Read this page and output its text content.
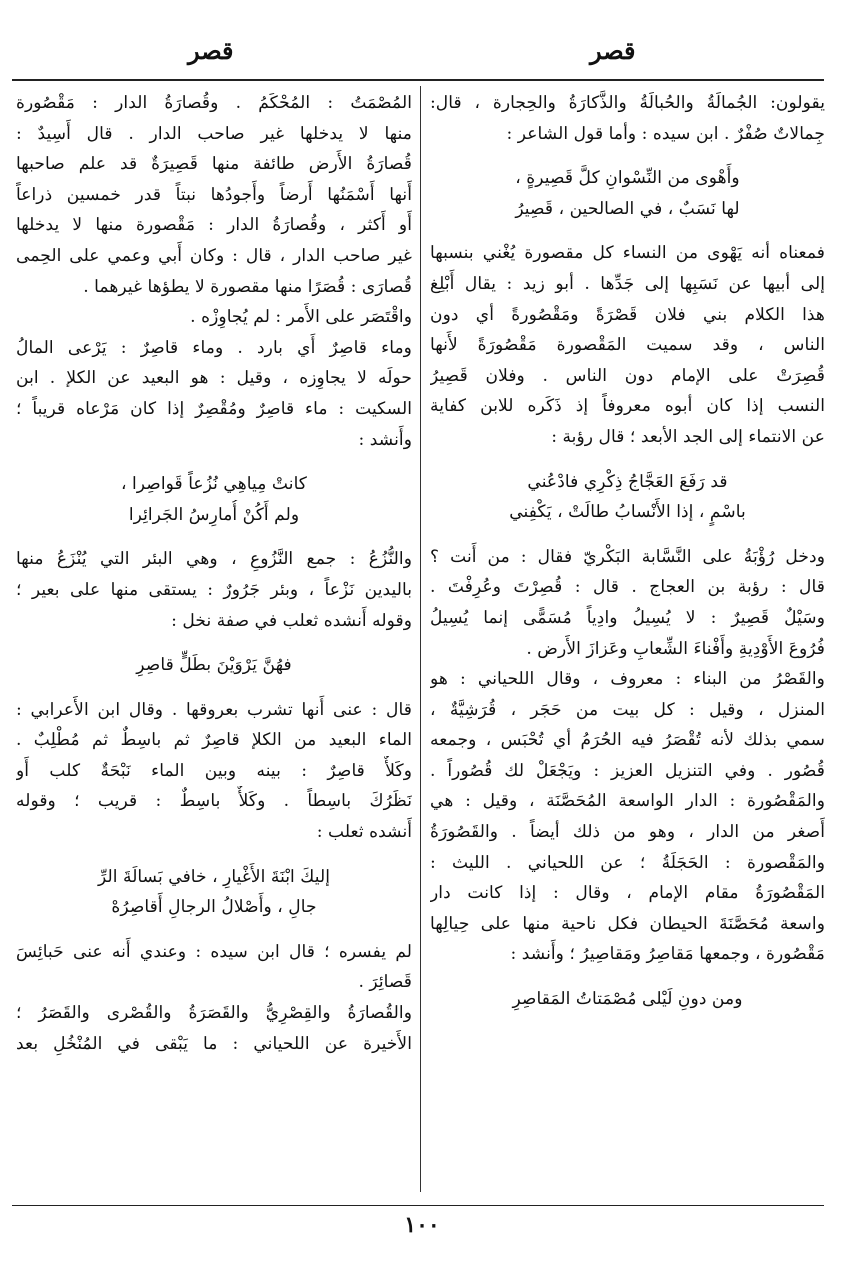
قصر
قصر
يقولون: الجُمالَةُ والحُبالَةُ والذَّكارَةُ والحِجارة ، قال:
جِمالاتٌ صُفْرٌ . ابن سيده : وأما قول الشاعر :
وأَهْوى من النِّسْوانِ كلَّ قَصِيرةٍ ،
لها نَسَبٌ ، في الصالحين ، قَصِيرُ
فمعناه أنه يَهْوى من النساء كل مقصورة يُغْني بنسبها
إلى أبيها عن نَسَبِها إلى جَدِّها . أبو زيد : يقال أَبْلِغ
هذا الكلام بني فلان قَصْرَةً ومَقْصُورةً أي دون
الناس ، وقد سميت المَقْصورة مَقْصُورَةً لأَنها
قُصِرَتْ على الإمام دون الناس . وفلان قَصِيرُ
النسب إذا كان أبوه معروفاً إذ ذَكَره للابن كفاية
عن الانتماء إلى الجد الأبعد ؛ قال رؤبة :
قد رَفَعَ العَجَّاجُ ذِكْرِي فادْعُني
باسْمٍ ، إذا الأَنْسابُ طالَتْ ، يَكْفِني
ودخل رُؤْبَةُ على النَّسَّابة البَكْريّ فقال : من أَنت ؟
قال : رؤبة بن العجاج . قال : قُصِرْتَ وعُرِفْتَ .
وسَيْلٌ قَصِيرٌ : لا يُسِيلُ وادِياً مُسَمًّى إنما يُسِيلُ
فُرُوعَ الأَوْدِيةِ وأَفْناءَ الشِّعابِ وعَزازَ الأَرض .
والقَصْرُ من البناء : معروف ، وقال اللحياني : هو
المنزل ، وقيل : كل بيت من حَجَر ، قُرَشِيَّةٌ ،
سمي بذلك لأنه تُقْصَرُ فيه الحُرَمُ أي تُحْبَس ، وجمعه
قُصُور . وفي التنزيل العزيز : ويَجْعَلْ لك قُصُوراً .
والمَقْصُورة : الدار الواسعة المُحَصَّنَة ، وقيل : هي
أَصغر من الدار ، وهو من ذلك أيضاً . والقَصُورَةُ
والمَقْصورة : الحَجَلَةُ ؛ عن اللحياني . الليث :
المَقْصُورَةُ مقام الإمام ، وقال : إذا كانت دار
واسعة مُحَصَّنَةَ الحيطان فكل ناحية منها على حِيالِها
مَقْصُورة ، وجمعها مَقاصِرُ ومَقاصِيرُ ؛ وأَنشد :
ومن دونِ لَيْلى مُصْمَتاتُ المَقاصِرِ
المُصْمَتُ : المُحْكَمُ . وقُصارَةُ الدار : مَقْصُورة
منها لا يدخلها غير صاحب الدار . قال أَسِيدٌ :
قُصارَةُ الأَرض طائفة منها قَصِيرَةٌ قد علم صاحبها
أَنها أَسْمَنُها أَرضاً وأَجودُها نبتاً قدر خمسين ذراعاً
أَو أَكثر ، وقُصارَةُ الدار : مَقْصورة منها لا يدخلها
غير صاحب الدار ، قال : وكان أَبي وعمي على الحِمى
قُصارَى : قُصَرًا منها مقصورة لا يطؤها غيرهما .
واقْتَصَر على الأَمر : لم يُجاوِزْه .
وماء قاصِرٌ أَي بارد . وماء قاصِرٌ : يَرْعى المالُ
حولَه لا يجاوِزه ، وقيل : هو البعيد عن الكلإ . ابن
السكيت : ماء قاصِرٌ ومُقْصِرٌ إذا كان مَرْعاه قريباً ؛
وأَنشد :
كانتْ مِياهِي نُزُعاً قَواصِرا ،
ولم أَكُنْ أُمارِسُ الجَرائِرا
والنُّزُعُ : جمع النَّزُوعِ ، وهي البئر التي يُنْزَعُ منها
باليدين نَزْعاً ، وبئر جَرُورٌ : يستقى منها على بعير ؛
وقوله أَنشده ثعلب في صفة نخل :
فهُنَّ يَرْوَيْنَ بطَلٍّ قاصِرِ
قال : عنى أَنها تشرب بعروقها . وقال ابن الأَعرابي :
الماء البعيد من الكلإ قاصِرٌ ثم باسِطٌ ثم مُطْلِبٌ .
وكَلأٌ قاصِرٌ : بينه وبين الماء نَبْحَةٌ كلب أَو
نَظَرُكَ باسِطاً . وكَلأٌ باسِطٌ : قريب ؛ وقوله
أَنشده ثعلب :
إليكَ ابْنَةَ الأَغْيارِ ، خافي بَسالَةَ الرِّ
جالِ ، وأَصْلالُ الرجالِ أَقاصِرُهْ
لم يفسره ؛ قال ابن سيده : وعندي أَنه عنى حَبائِسَ
قَصائِرَ .
والقُصارَةُ والقِصْرِيُّ والقَصَرَةُ والقُصْرى والقَصَرُ ؛
الأَخيرة عن اللحياني : ما يَبْقى في المُنْخُلِ بعد
١٠٠
